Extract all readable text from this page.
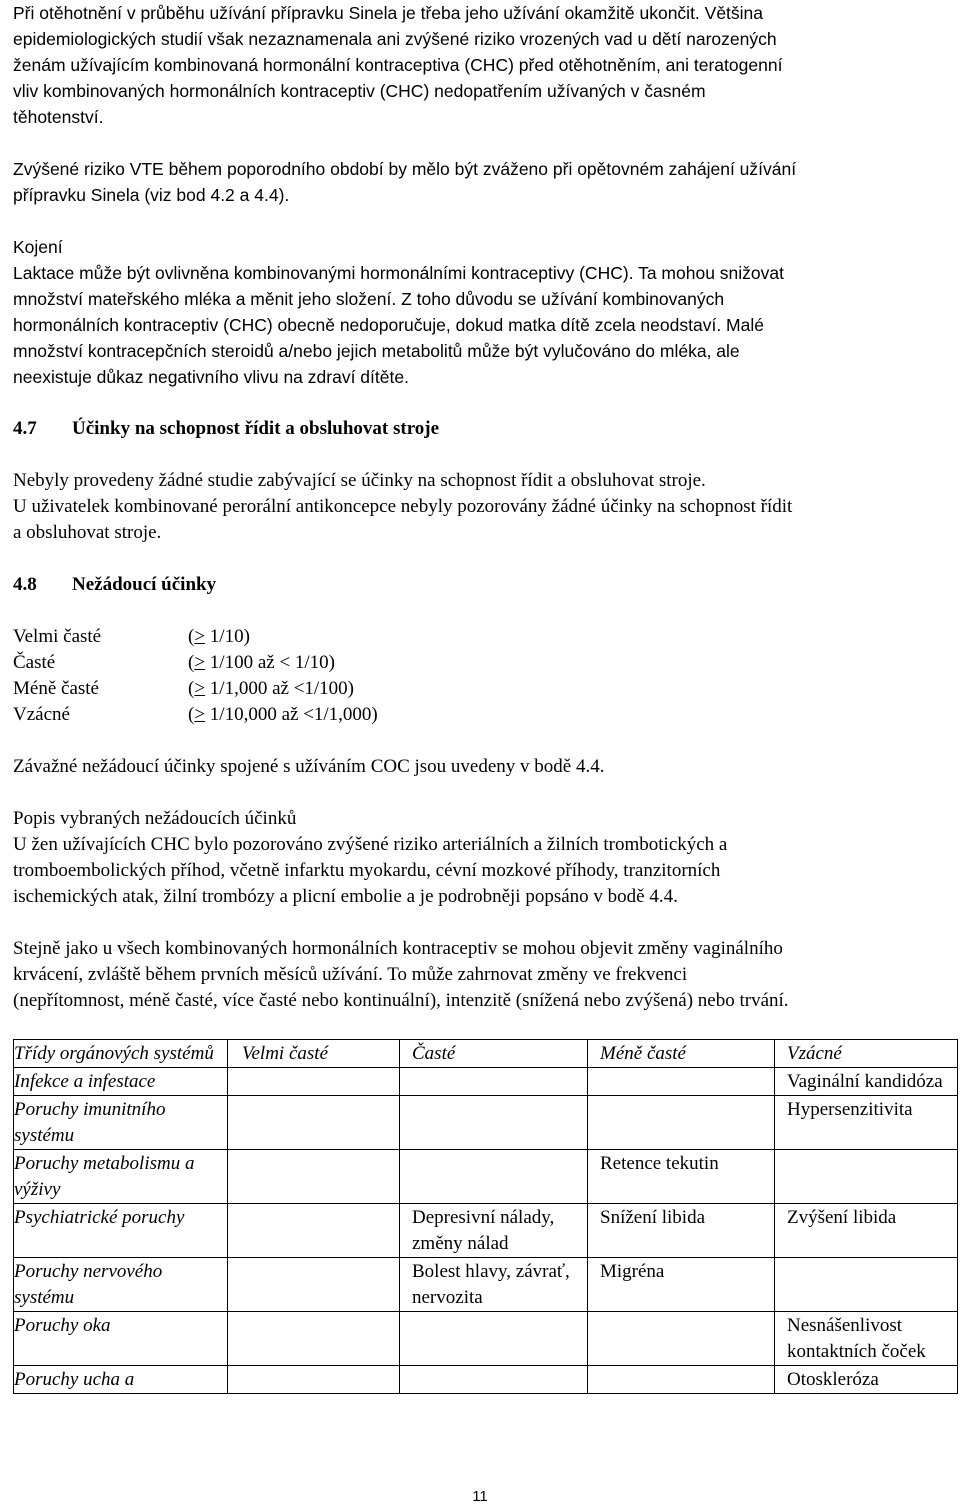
Při otěhotnění v průběhu užívání přípravku Sinela je třeba jeho užívání okamžitě ukončit. Většina

epidemiologických studií však nezaznamenala ani zvýšené riziko vrozených vad u dětí narozených

ženám užívajícím kombinovaná hormonální kontraceptiva (CHC) před otěhotněním, ani teratogenní

vliv kombinovaných hormonálních kontraceptiv (CHC) nedopatřením užívaných v časném

těhotenství.

Zvýšené riziko VTE během poporodního období by mělo být zváženo při opětovném zahájení užívání

přípravku Sinela (viz bod 4.2 a 4.4).

Kojení

Laktace může být ovlivněna kombinovanými hormonálními kontraceptivy (CHC). Ta mohou snižovat

množství mateřského mléka a měnit jeho složení. Z toho důvodu se užívání kombinovaných

hormonálních kontraceptiv (CHC) obecně nedoporučuje, dokud matka dítě zcela neodstaví. Malé

množství kontracepčních steroidů a/nebo jejich metabolitů může být vylučováno do mléka, ale

neexistuje důkaz negativního vlivu na zdraví dítěte.

4.7	Účinky na schopnost řídit a obsluhovat stroje

Nebyly provedeny žádné studie zabývající se účinky na schopnost řídit a obsluhovat stroje.

U uživatelek kombinované perorální antikoncepce nebyly pozorovány žádné účinky na schopnost řídit

a obsluhovat stroje.

4.8	Nežádoucí účinky
Velmi časté	(> 1/10)
Časté	(> 1/100 až < 1/10)
Méně časté	(> 1/1,000 až <1/100)
Vzácné	(> 1/10,000 až <1/1,000)

Závažné nežádoucí účinky spojené s užíváním COC jsou uvedeny v bodě 4.4.

Popis vybraných nežádoucích účinků

U žen užívajících CHC bylo pozorováno zvýšené riziko arteriálních a žilních trombotických a

tromboembolických příhod, včetně infarktu myokardu, cévní mozkové příhody, tranzitorních

ischemických atak, žilní trombózy a plicní embolie a je podrobněji popsáno v bodě 4.4.

Stejně jako u všech kombinovaných hormonálních kontraceptiv se mohou objevit změny vaginálního

krvácení, zvláště během prvních měsíců užívání. To může zahrnovat změny ve frekvenci

(nepřítomnost, méně časté, více časté nebo kontinuální), intenzitě (snížená nebo zvýšená) nebo trvání.

Třídy orgánových systémů	Velmi časté	Časté	Méně časté	Vzácné
Infekce a infestace				Vaginální kandidóza
Poruchy imunitního systému				Hypersenzitivita
Poruchy metabolismu a výživy			Retence tekutin	
Psychiatrické poruchy		Depresivní nálady, změny nálad	Snížení libida	Zvýšení libida
Poruchy nervového systému		Bolest hlavy, závrať, nervozita	Migréna	
Poruchy oka				Nesnášenlivost kontaktních čoček
Poruchy ucha a				Otoskleróza
11
